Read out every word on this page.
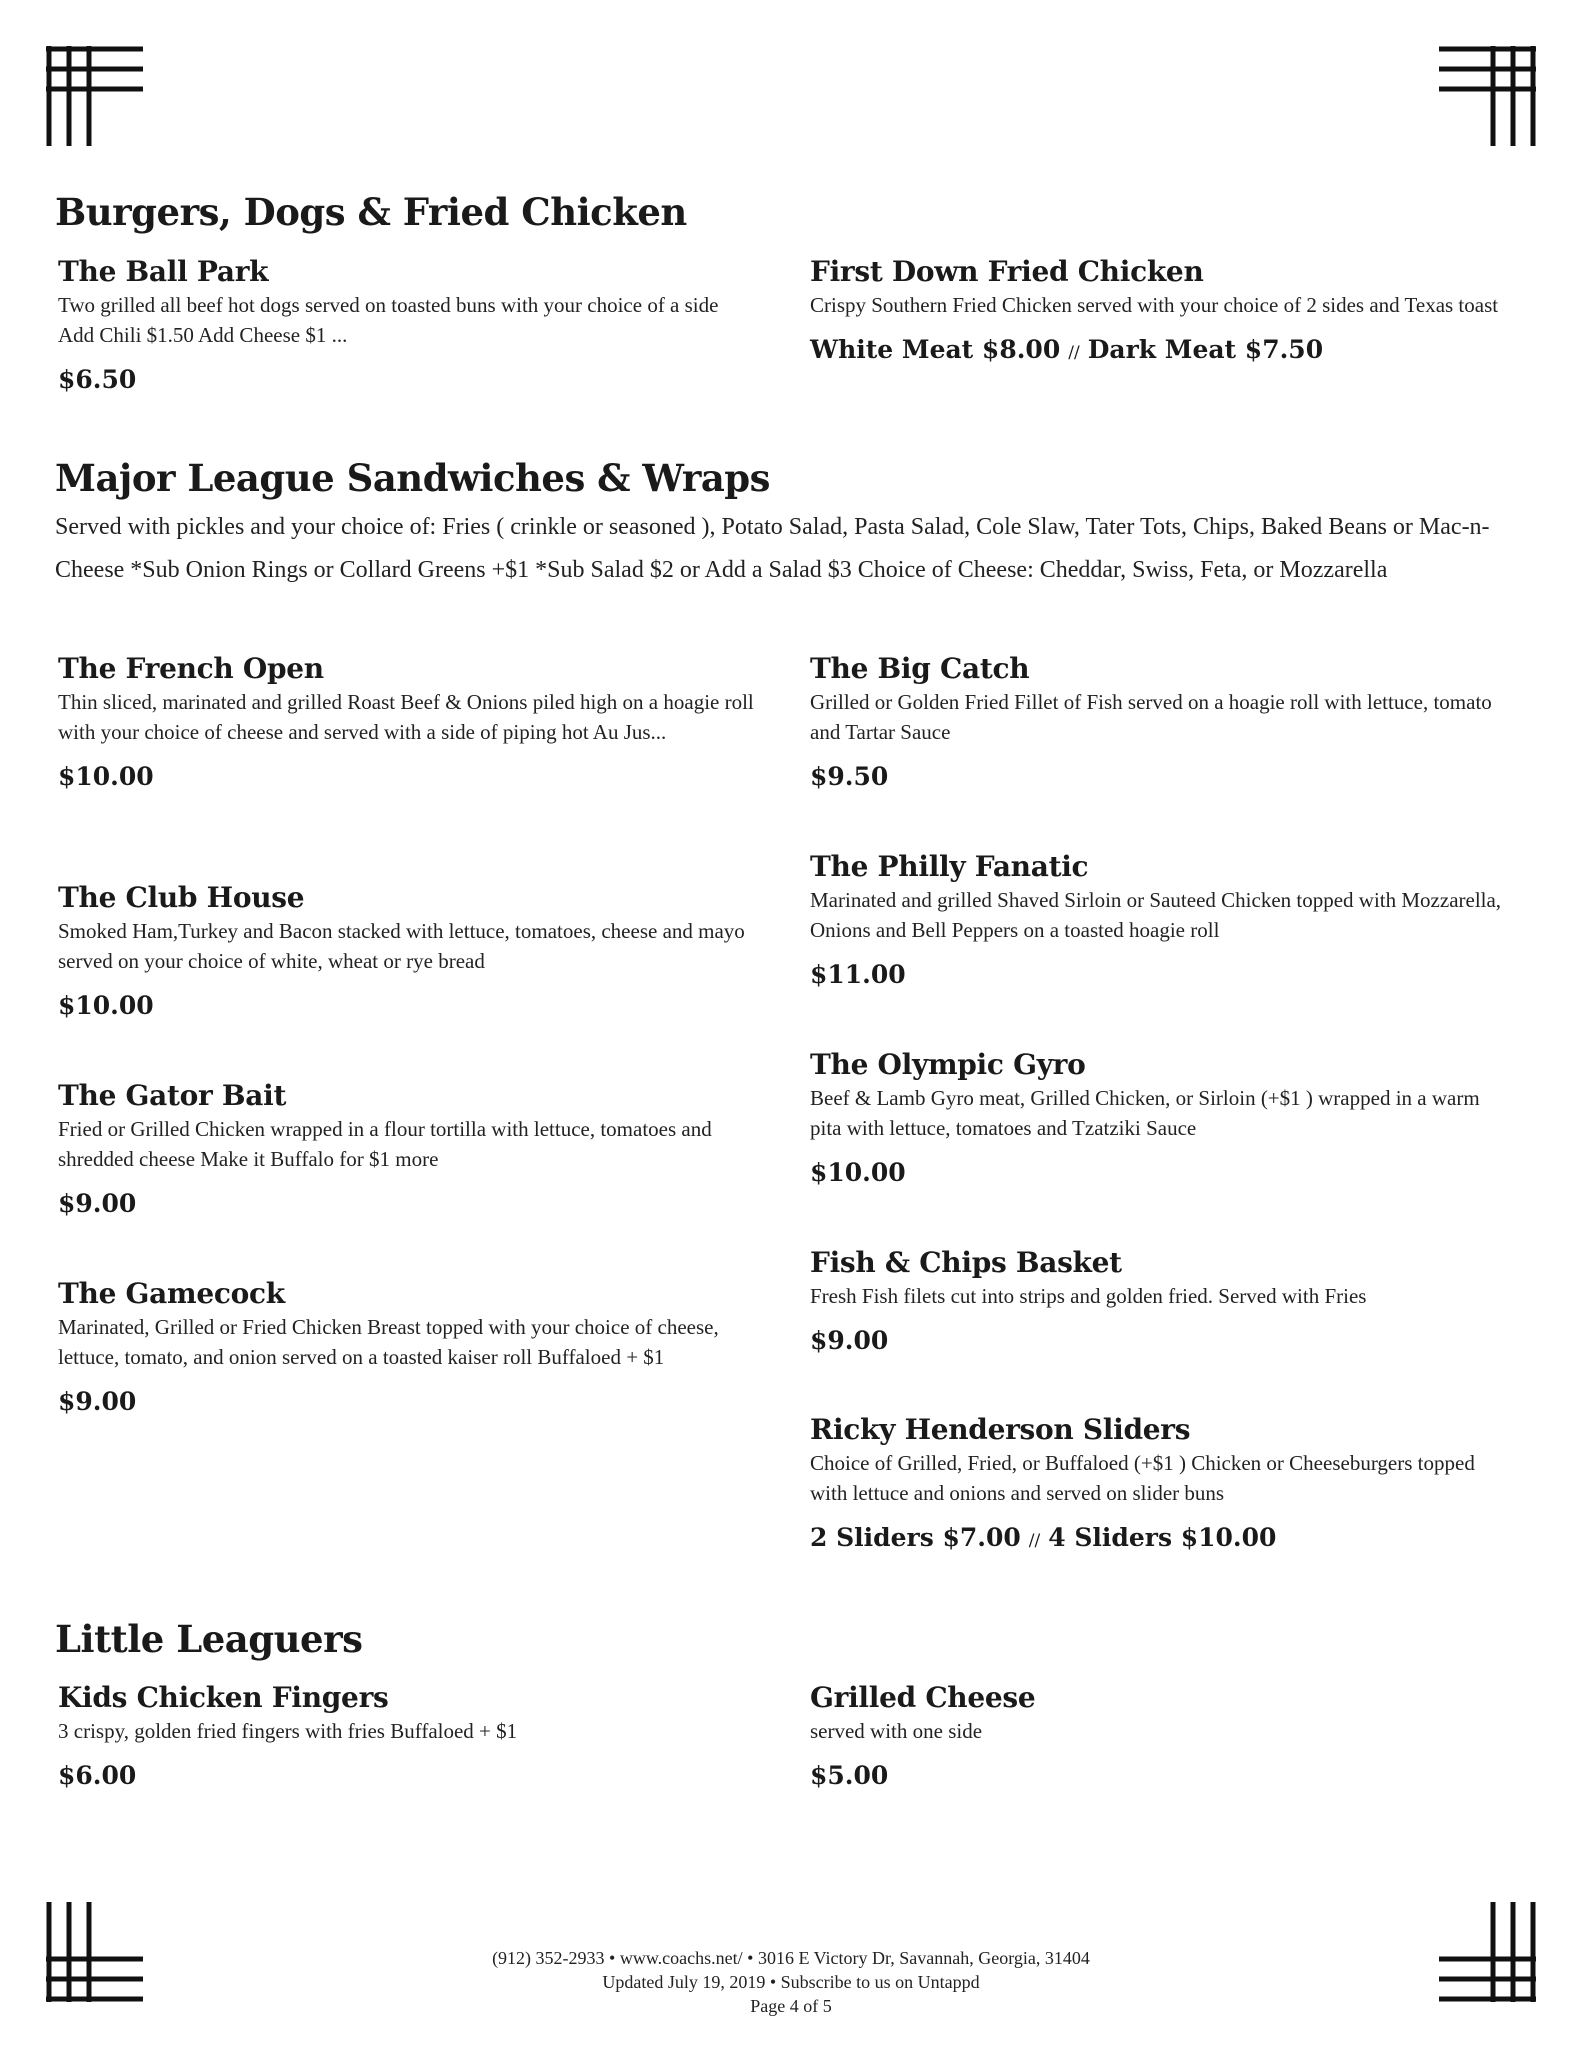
Burgers, Dogs & Fried Chicken
The Ball Park
Two grilled all beef hot dogs served on toasted buns with your choice of a side Add Chili $1.50 Add Cheese $1 ...
$6.50
First Down Fried Chicken
Crispy Southern Fried Chicken served with your choice of 2 sides and Texas toast
White Meat $8.00 // Dark Meat $7.50
Major League Sandwiches & Wraps
Served with pickles and your choice of: Fries ( crinkle or seasoned ), Potato Salad, Pasta Salad, Cole Slaw, Tater Tots, Chips, Baked Beans or Mac-n-Cheese *Sub Onion Rings or Collard Greens +$1 *Sub Salad $2 or Add a Salad $3 Choice of Cheese: Cheddar, Swiss, Feta, or Mozzarella
The French Open
Thin sliced, marinated and grilled Roast Beef & Onions piled high on a hoagie roll with your choice of cheese and served with a side of piping hot Au Jus...
$10.00
The Big Catch
Grilled or Golden Fried Fillet of Fish served on a hoagie roll with lettuce, tomato and Tartar Sauce
$9.50
The Philly Fanatic
Marinated and grilled Shaved Sirloin or Sauteed Chicken topped with Mozzarella, Onions and Bell Peppers on a toasted hoagie roll
$11.00
The Club House
Smoked Ham,Turkey and Bacon stacked with lettuce, tomatoes, cheese and mayo served on your choice of white, wheat or rye bread
$10.00
The Olympic Gyro
Beef & Lamb Gyro meat, Grilled Chicken, or Sirloin (+$1 ) wrapped in a warm pita with lettuce, tomatoes and Tzatziki Sauce
$10.00
The Gator Bait
Fried or Grilled Chicken wrapped in a flour tortilla with lettuce, tomatoes and shredded cheese Make it Buffalo for $1 more
$9.00
Fish & Chips Basket
Fresh Fish filets cut into strips and golden fried. Served with Fries
$9.00
The Gamecock
Marinated, Grilled or Fried Chicken Breast topped with your choice of cheese, lettuce, tomato, and onion served on a toasted kaiser roll Buffaloed + $1
$9.00
Ricky Henderson Sliders
Choice of Grilled, Fried, or Buffaloed (+$1 ) Chicken or Cheeseburgers topped with lettuce and onions and served on slider buns
2 Sliders $7.00 // 4 Sliders $10.00
Little Leaguers
Kids Chicken Fingers
3 crispy, golden fried fingers with fries Buffaloed + $1
$6.00
Grilled Cheese
served with one side
$5.00
(912) 352-2933 • www.coachs.net/ • 3016 E Victory Dr, Savannah, Georgia, 31404
Updated July 19, 2019 • Subscribe to us on Untappd
Page 4 of 5
